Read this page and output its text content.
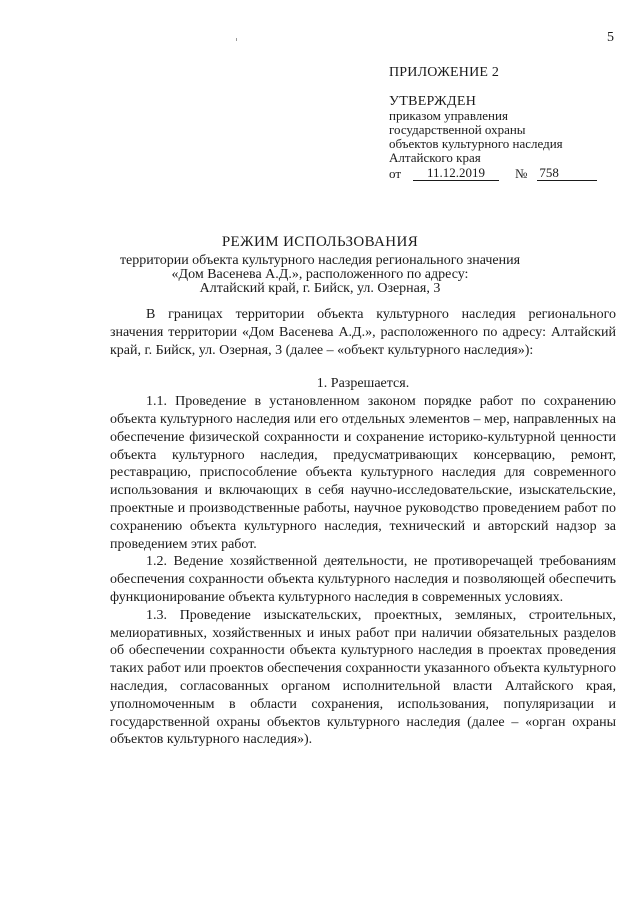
5
ПРИЛОЖЕНИЕ 2
УТВЕРЖДЕН
приказом управления
государственной охраны
объектов культурного наследия
Алтайского края
от	11.12.2019	№ 758
РЕЖИМ ИСПОЛЬЗОВАНИЯ
территории объекта культурного наследия регионального значения
«Дом Васенева А.Д.», расположенного по адресу:
Алтайский край, г. Бийск, ул. Озерная, 3

В границах территории объекта культурного наследия регионального значения территории «Дом Васенева А.Д.», расположенного по адресу: Алтайский край, г. Бийск, ул. Озерная, 3 (далее – «объект культурного наследия»):

1. Разрешается.

1.1. Проведение в установленном законом порядке работ по сохранению объекта культурного наследия или его отдельных элементов – мер, направленных на обеспечение физической сохранности и сохранение историко-культурной ценности объекта культурного наследия, предусматривающих консервацию, ремонт, реставрацию, приспособление объекта культурного наследия для современного использования и включающих в себя научно-исследовательские, изыскательские, проектные и производственные работы, научное руководство проведением работ по сохранению объекта культурного наследия, технический и авторский надзор за проведением этих работ.

1.2. Ведение хозяйственной деятельности, не противоречащей требованиям обеспечения сохранности объекта культурного наследия и позволяющей обеспечить функционирование объекта культурного наследия в современных условиях.

1.3. Проведение изыскательских, проектных, земляных, строительных, мелиоративных, хозяйственных и иных работ при наличии обязательных разделов об обеспечении сохранности объекта культурного наследия в проектах проведения таких работ или проектов обеспечения сохранности указанного объекта культурного наследия, согласованных органом исполнительной власти Алтайского края, уполномоченным в области сохранения, использования, популяризации и государственной охраны объектов культурного наследия (далее – «орган охраны объектов культурного наследия»).
